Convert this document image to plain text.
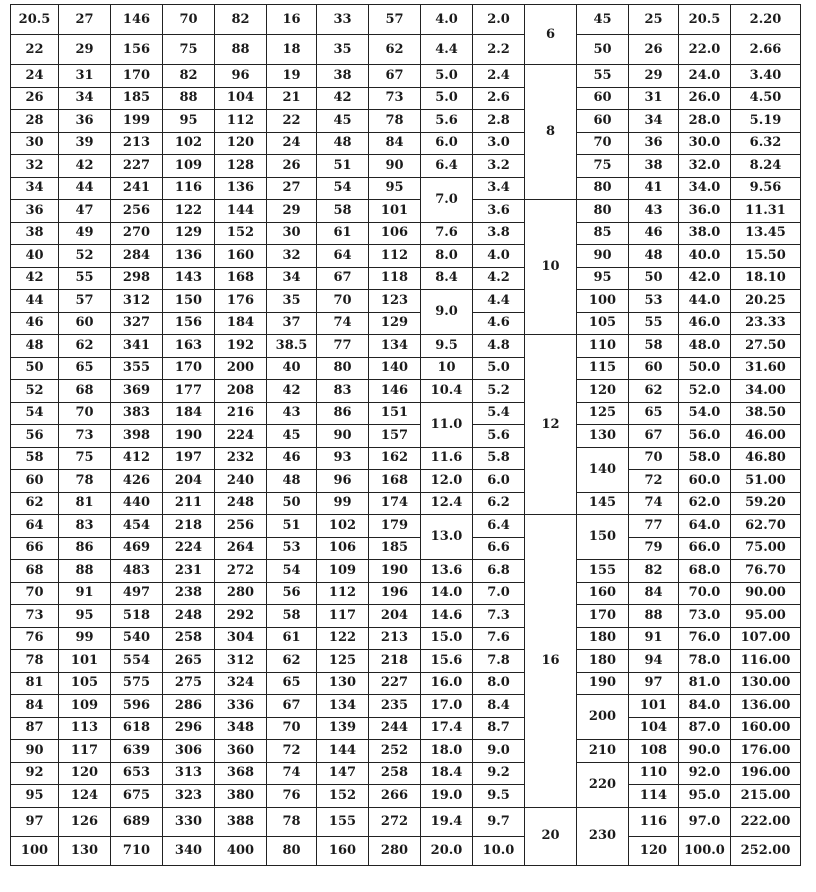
20.5	27	146	70	82	16	33	57	4.0	2.0	6	45	25	20.5	2.20
22	29	156	75	88	18	35	62	4.4	2.2		50	26	22.0	2.66
24	31	170	82	96	19	38	67	5.0	2.4	8	55	29	24.0	3.40
26	34	185	88	104	21	42	73	5.0	2.6		60	31	26.0	4.50
28	36	199	95	112	22	45	78	5.6	2.8		60	34	28.0	5.19
30	39	213	102	120	24	48	84	6.0	3.0		70	36	30.0	6.32
32	42	227	109	128	26	51	90	6.4	3.2		75	38	32.0	8.24
34	44	241	116	136	27	54	95	7.0	3.4		80	41	34.0	9.56
36	47	256	122	144	29	58	101		3.6	10	80	43	36.0	11.31
38	49	270	129	152	30	61	106	7.6	3.8		85	46	38.0	13.45
40	52	284	136	160	32	64	112	8.0	4.0		90	48	40.0	15.50
42	55	298	143	168	34	67	118	8.4	4.2		95	50	42.0	18.10
44	57	312	150	176	35	70	123	9.0	4.4		100	53	44.0	20.25
46	60	327	156	184	37	74	129		4.6		105	55	46.0	23.33
48	62	341	163	192	38.5	77	134	9.5	4.8	12	110	58	48.0	27.50
50	65	355	170	200	40	80	140	10	5.0		115	60	50.0	31.60
52	68	369	177	208	42	83	146	10.4	5.2		120	62	52.0	34.00
54	70	383	184	216	43	86	151	11.0	5.4		125	65	54.0	38.50
56	73	398	190	224	45	90	157		5.6		130	67	56.0	46.00
58	75	412	197	232	46	93	162	11.6	5.8		140	70	58.0	46.80
60	78	426	204	240	48	96	168	12.0	6.0			72	60.0	51.00
62	81	440	211	248	50	99	174	12.4	6.2		145	74	62.0	59.20
64	83	454	218	256	51	102	179	13.0	6.4	16	150	77	64.0	62.70
66	86	469	224	264	53	106	185		6.6			79	66.0	75.00
68	88	483	231	272	54	109	190	13.6	6.8		155	82	68.0	76.70
70	91	497	238	280	56	112	196	14.0	7.0		160	84	70.0	90.00
73	95	518	248	292	58	117	204	14.6	7.3		170	88	73.0	95.00
76	99	540	258	304	61	122	213	15.0	7.6		180	91	76.0	107.00
78	101	554	265	312	62	125	218	15.6	7.8		180	94	78.0	116.00
81	105	575	275	324	65	130	227	16.0	8.0		190	97	81.0	130.00
84	109	596	286	336	67	134	235	17.0	8.4		200	101	84.0	136.00
87	113	618	296	348	70	139	244	17.4	8.7			104	87.0	160.00
90	117	639	306	360	72	144	252	18.0	9.0		210	108	90.0	176.00
92	120	653	313	368	74	147	258	18.4	9.2		220	110	92.0	196.00
95	124	675	323	380	76	152	266	19.0	9.5			114	95.0	215.00
97	126	689	330	388	78	155	272	19.4	9.7	20	230	116	97.0	222.00
100	130	710	340	400	80	160	280	20.0	10.0			120	100.0	252.00
